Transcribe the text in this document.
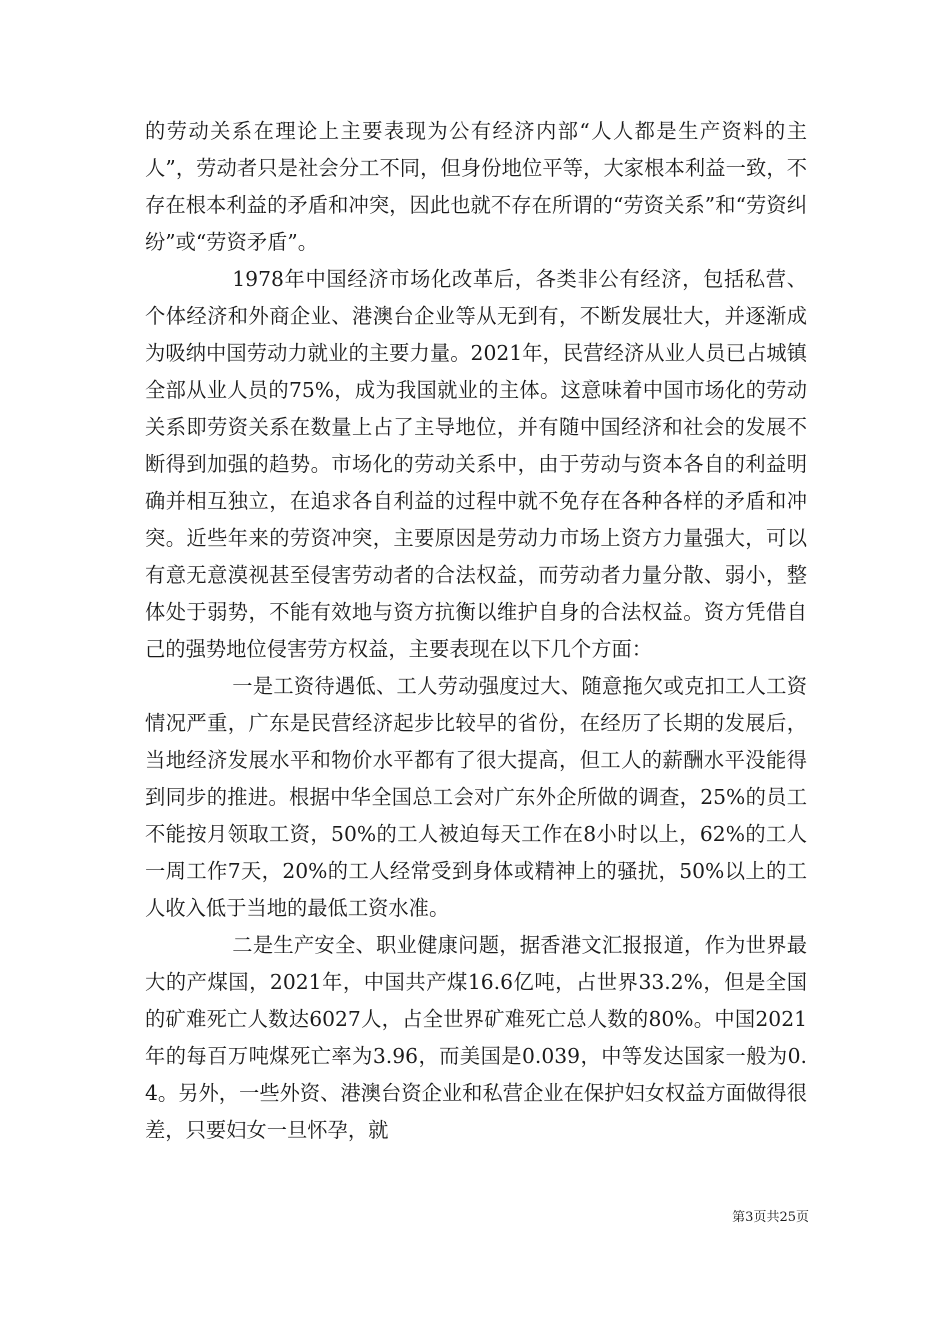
的劳动关系在理论上主要表现为公有经济内部“人人都是生产资料的主人”，劳动者只是社会分工不同，但身份地位平等，大家根本利益一致，不存在根本利益的矛盾和冲突，因此也就不存在所谓的“劳资关系”和“劳资纠纷”或“劳资矛盾”。

1978年中国经济市场化改革后，各类非公有经济，包括私营、个体经济和外商企业、港澳台企业等从无到有，不断发展壮大，并逐渐成为吸纳中国劳动力就业的主要力量。2021年，民营经济从业人员已占城镇全部从业人员的75%，成为我国就业的主体。这意味着中国市场化的劳动关系即劳资关系在数量上占了主导地位，并有随中国经济和社会的发展不断得到加强的趋势。市场化的劳动关系中，由于劳动与资本各自的利益明确并相互独立，在追求各自利益的过程中就不免存在各种各样的矛盾和冲突。近些年来的劳资冲突，主要原因是劳动力市场上资方力量强大，可以有意无意漠视甚至侵害劳动者的合法权益，而劳动者力量分散、弱小，整体处于弱势，不能有效地与资方抗衡以维护自身的合法权益。资方凭借自己的强势地位侵害劳方权益，主要表现在以下几个方面：

一是工资待遇低、工人劳动强度过大、随意拖欠或克扣工人工资情况严重，广东是民营经济起步比较早的省份，在经历了长期的发展后，当地经济发展水平和物价水平都有了很大提高，但工人的薪酬水平没能得到同步的推进。根据中华全国总工会对广东外企所做的调查，25%的员工不能按月领取工资，50%的工人被迫每天工作在8小时以上，62%的工人一周工作7天，20%的工人经常受到身体或精神上的骚扰，50%以上的工人收入低于当地的最低工资水准。

二是生产安全、职业健康问题，据香港文汇报报道，作为世界最大的产煤国，2021年，中国共产煤16.6亿吨，占世界33.2%，但是全国的矿难死亡人数达6027人，占全世界矿难死亡总人数的80%。中国2021年的每百万吨煤死亡率为3.96，而美国是0.039，中等发达国家一般为0.4。另外，一些外资、港澳台资企业和私营企业在保护妇女权益方面做得很差，只要妇女一旦怀孕，就

第3页共25页
